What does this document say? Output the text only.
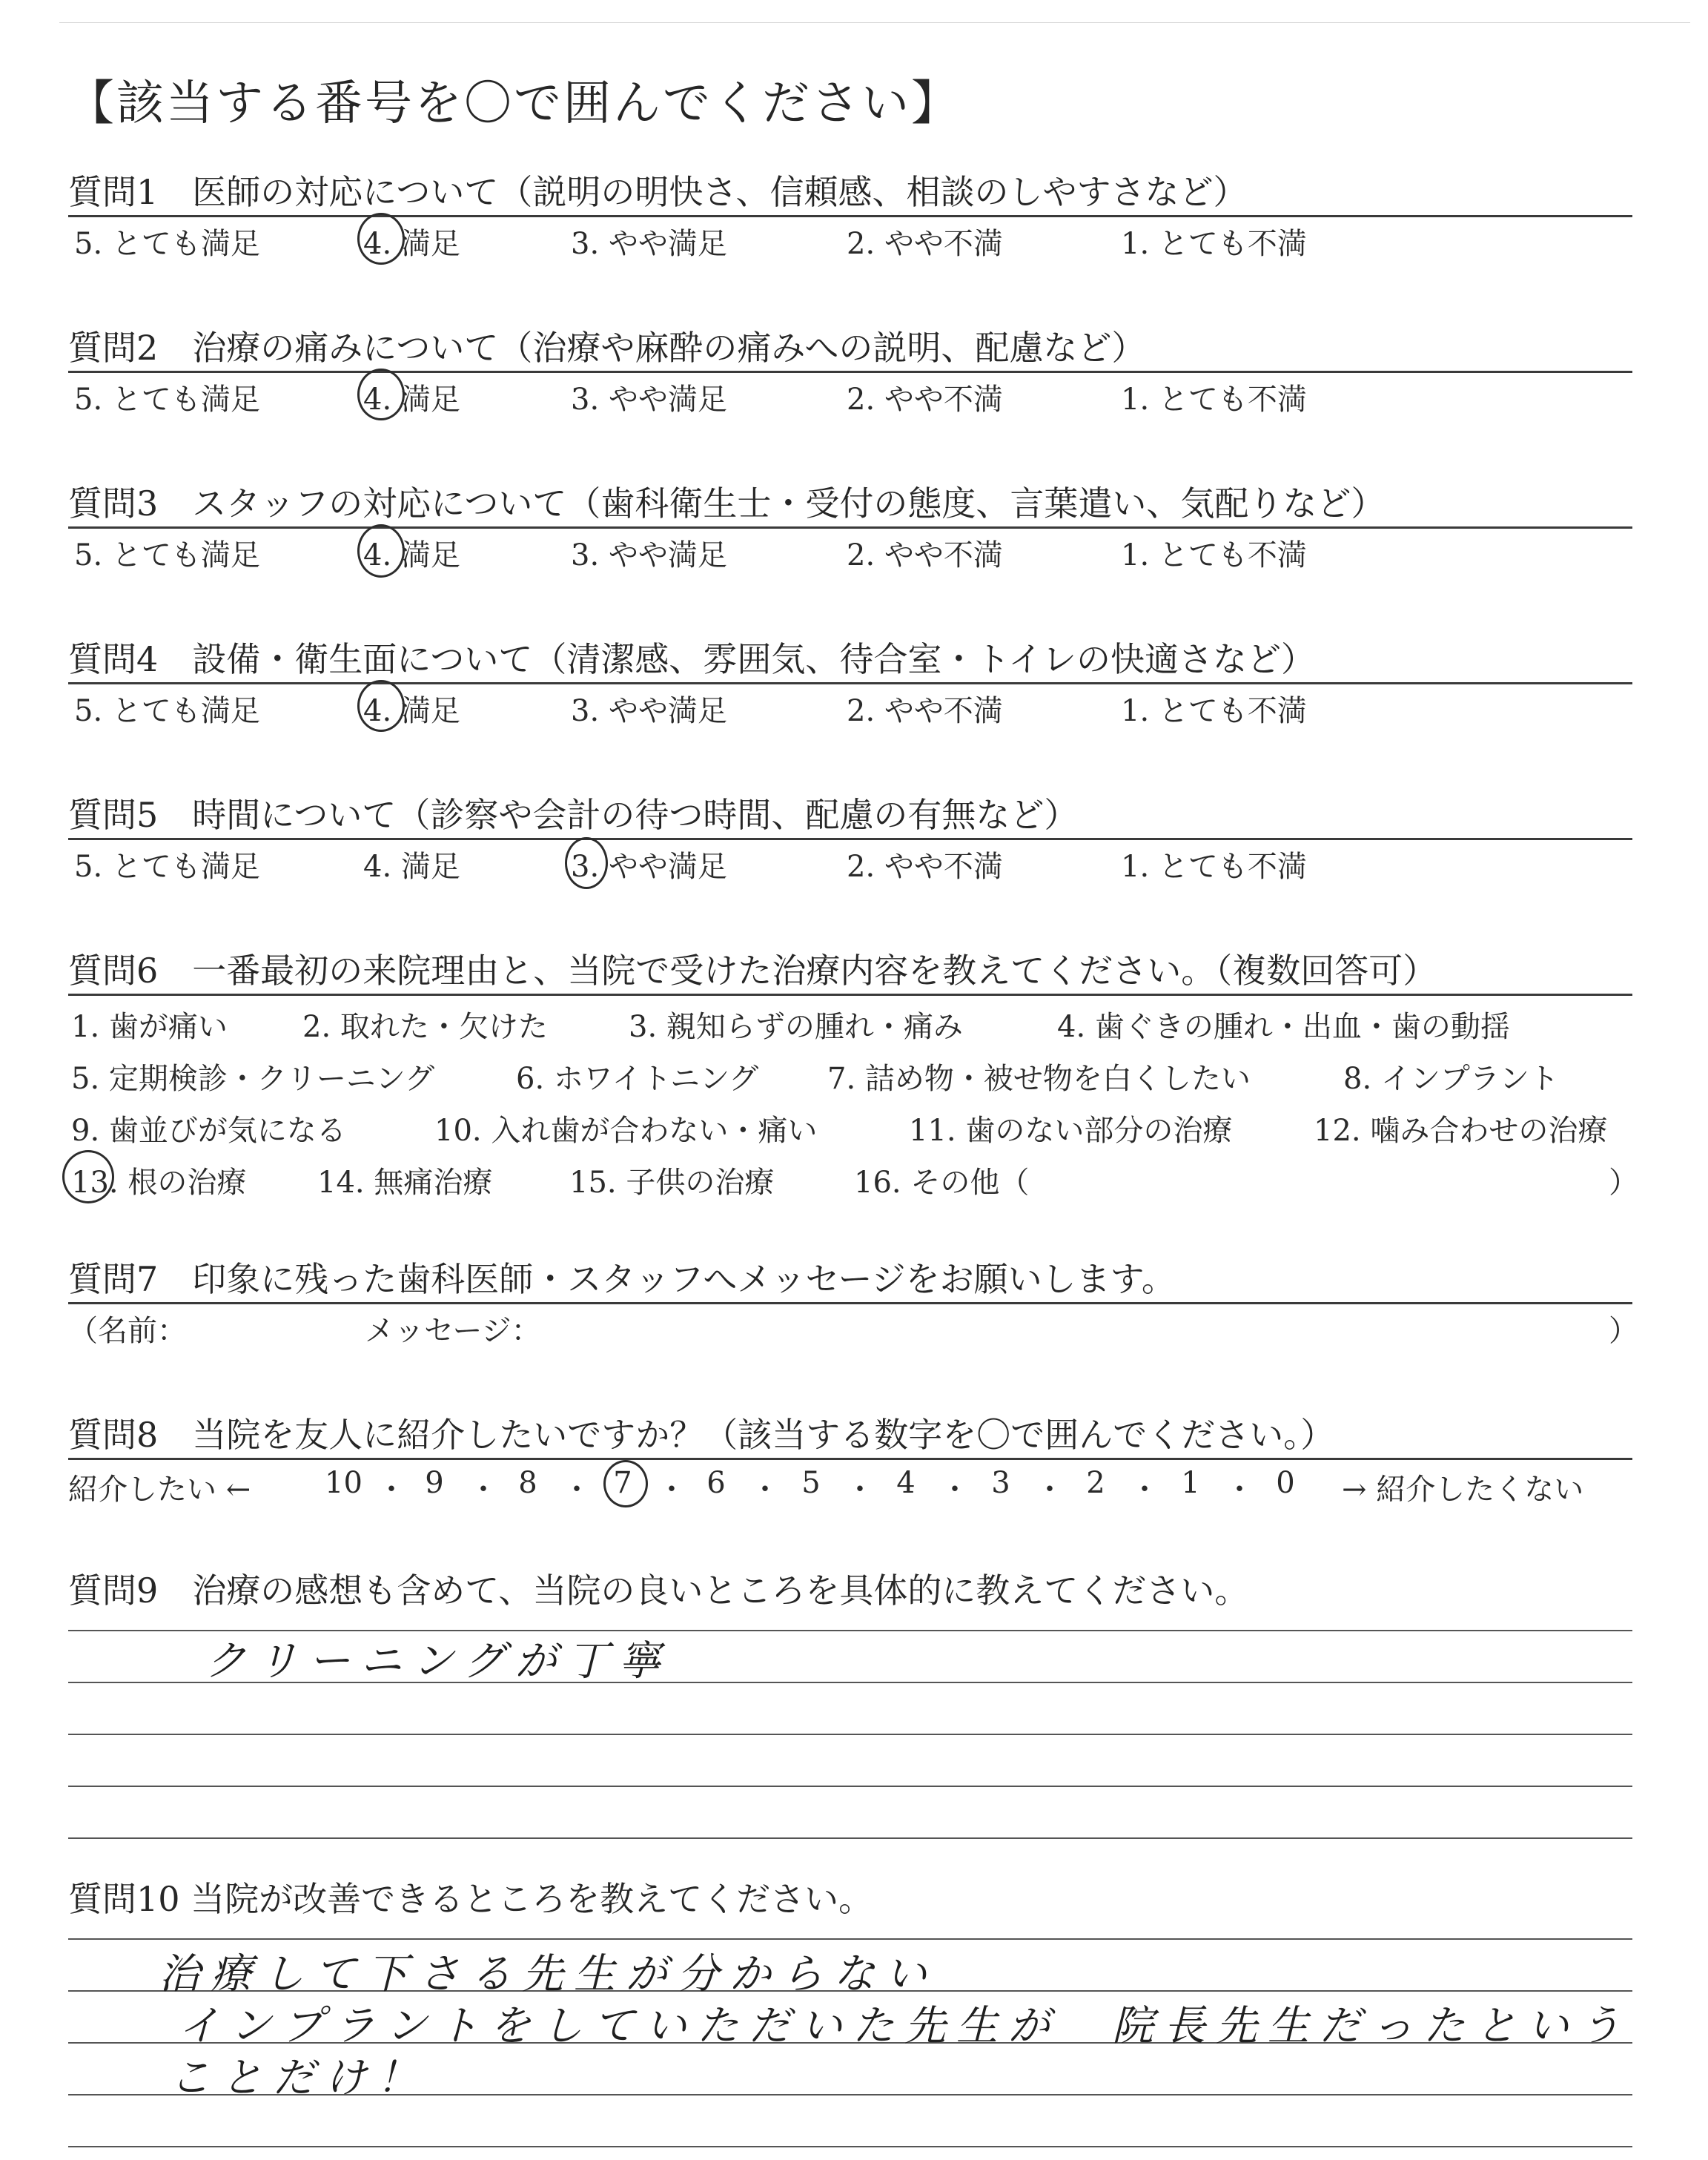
【該当する番号を〇で囲んでください】
質問1　医師の対応について（説明の明快さ、信頼感、相談のしやすさなど）
5. とても満足	4. 満足	3. やや満足	2. やや不満	1. とても不満
質問2　治療の痛みについて（治療や麻酔の痛みへの説明、配慮など）
5. とても満足	4. 満足	3. やや満足	2. やや不満	1. とても不満
質問3　スタッフの対応について（歯科衛生士・受付の態度、言葉遣い、気配りなど）
5. とても満足	4. 満足	3. やや満足	2. やや不満	1. とても不満
質問4　設備・衛生面について（清潔感、雰囲気、待合室・トイレの快適さなど）
5. とても満足	4. 満足	3. やや満足	2. やや不満	1. とても不満
質問5　時間について（診察や会計の待つ時間、配慮の有無など）
5. とても満足	4. 満足	3. やや満足	2. やや不満	1. とても不満
質問6　一番最初の来院理由と、当院で受けた治療内容を教えてください。（複数回答可）
1. 歯が痛い	2. 取れた・欠けた	3. 親知らずの腫れ・痛み	4. 歯ぐきの腫れ・出血・歯の動揺
5. 定期検診・クリーニング	6. ホワイトニング 7. 詰め物・被せ物を白くしたい	8. インプラント
9. 歯並びが気になる	10. 入れ歯が合わない・痛い	11. 歯のない部分の治療	12. 噛み合わせの治療
13. 根の治療 14. 無痛治療	15. 子供の治療	16. その他（	）
質問7　印象に残った歯科医師・スタッフへメッセージをお願いします。
（名前：	メッセージ：	）
質問8　当院を友人に紹介したいですか？（該当する数字を〇で囲んでください。）
紹介したい ← 10 ・ 9 ・ 8 ・ 7 ・ 6 ・ 5 ・ 4 ・ 3 ・ 2 ・ 1 ・ 0 → 紹介したくない
質問9　治療の感想も含めて、当院の良いところを具体的に教えてください。
クリーニングが丁寧
質問10 当院が改善できるところを教えてください。
治療して下さる先生が分からない
インプラントをしていただいた先生が　院長先生だったという
ことだけ！
